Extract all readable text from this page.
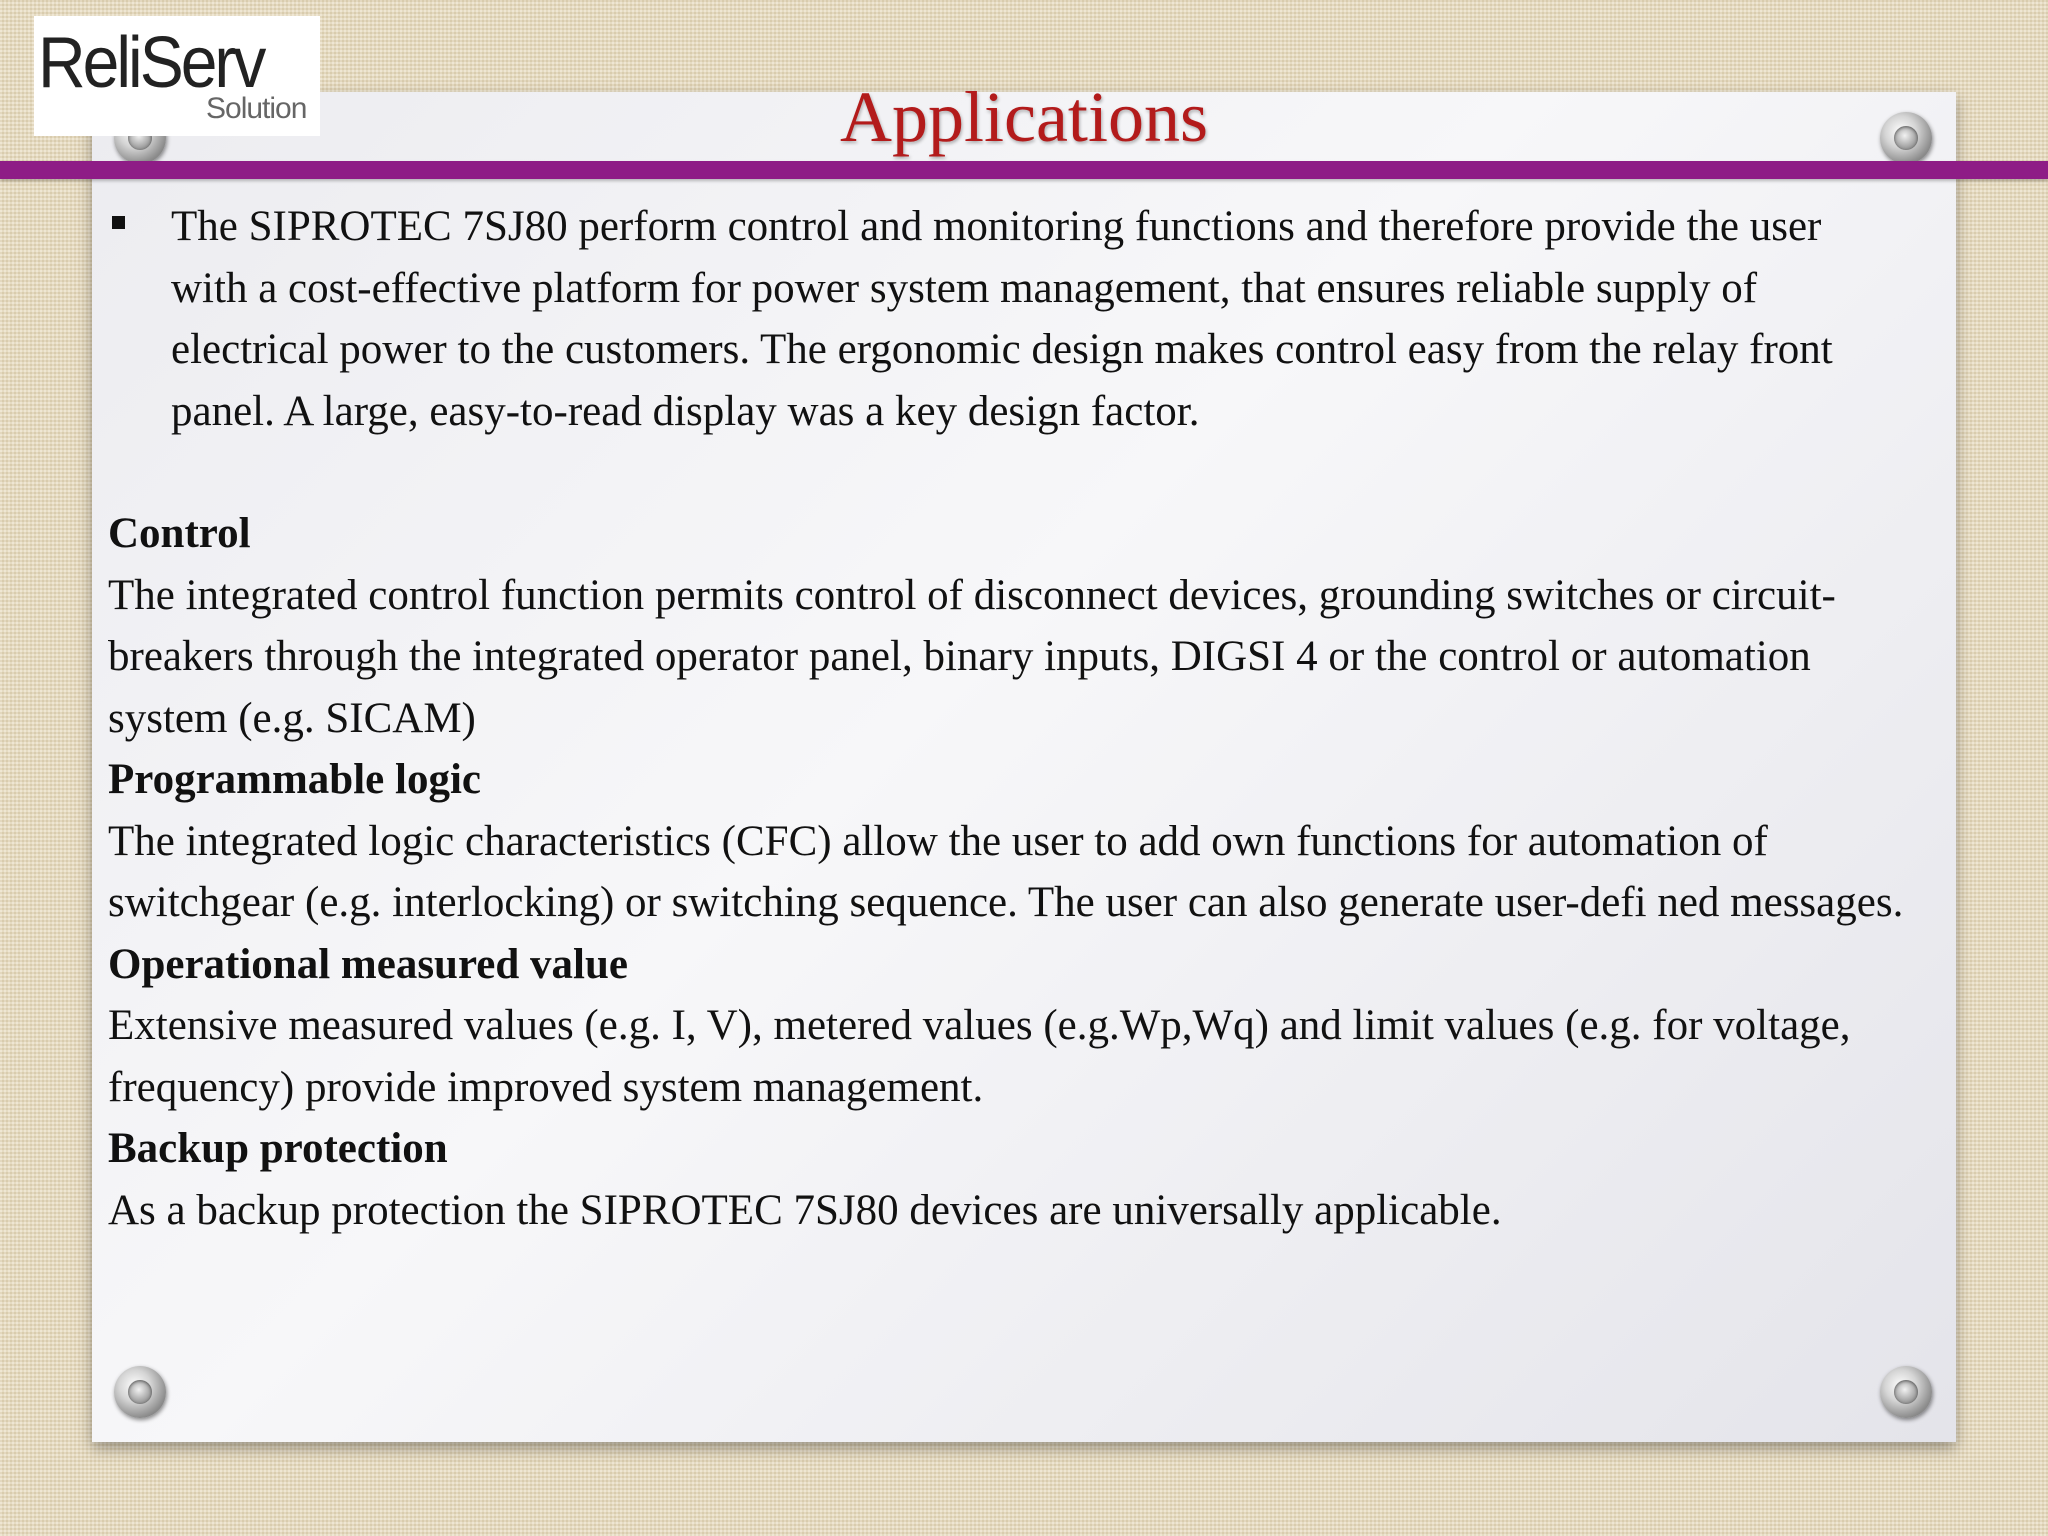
ReliServ
Solution	Applications
The SIPROTEC 7SJ80 perform control and monitoring functions and therefore provide the user with a cost-effective platform for power system management, that ensures reliable supply of electrical power to the customers. The ergonomic design makes control easy from the relay front panel. A large, easy-to-read display was a key design factor.
Control
The integrated control function permits control of disconnect devices, grounding switches or circuit-breakers through the integrated operator panel, binary inputs, DIGSI 4 or the control or automation system (e.g. SICAM)
Programmable logic
The integrated logic characteristics (CFC) allow the user to add own functions for automation of switchgear (e.g. interlocking) or switching sequence. The user can also generate user-defi ned messages.
Operational measured value
Extensive measured values (e.g. I, V), metered values (e.g.Wp,Wq) and limit values (e.g. for voltage, frequency) provide improved system management.
Backup protection
As a backup protection the SIPROTEC 7SJ80 devices are universally applicable.
